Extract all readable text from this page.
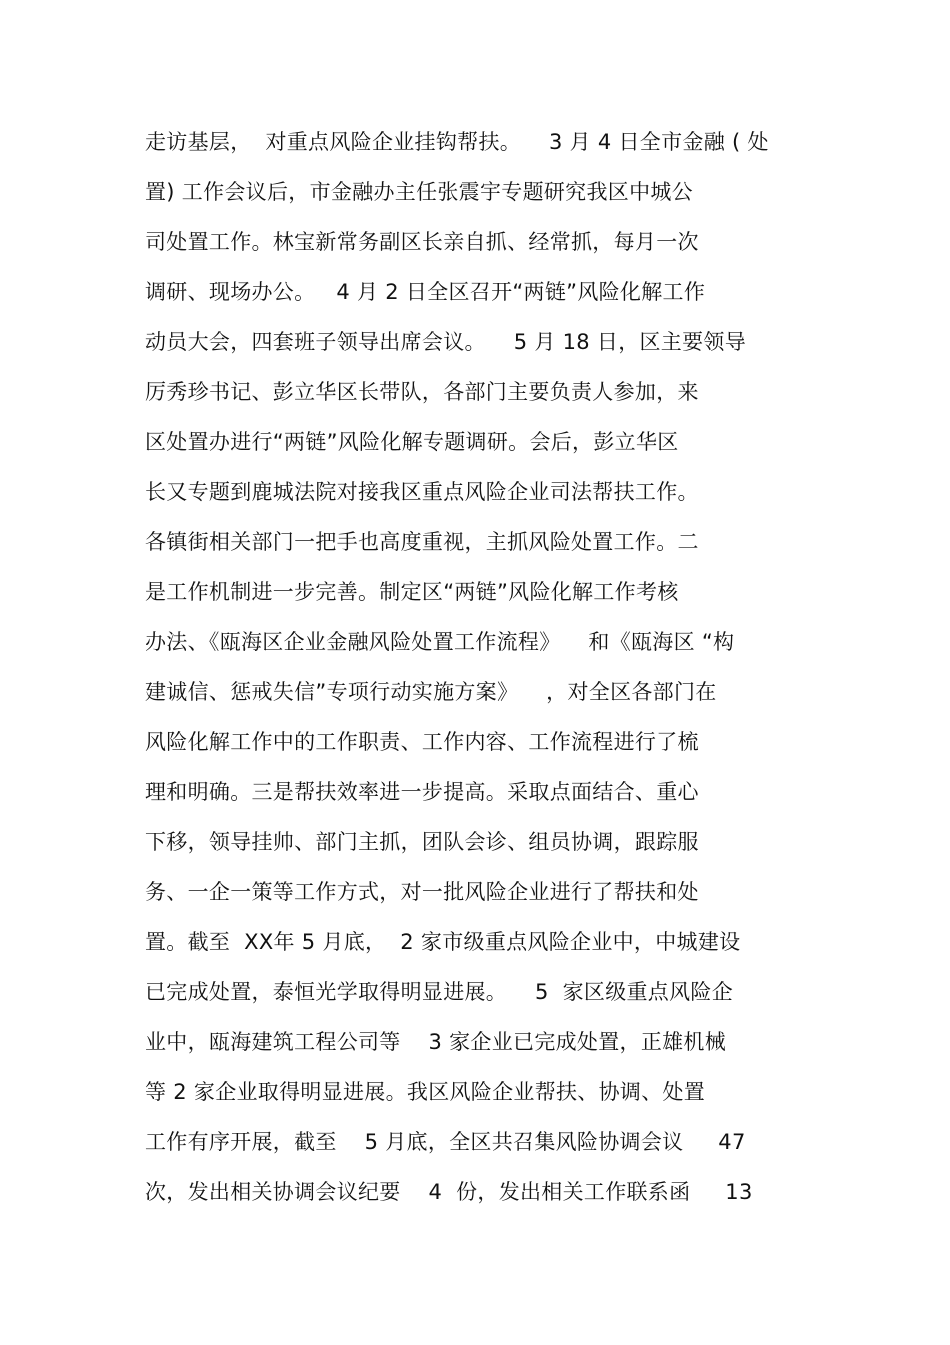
走访基层，  对重点风险企业挂钩帮扶。    3 月 4 日全市金融 ( 处
置) 工作会议后，市金融办主任张震宇专题研究我区中城公
司处置工作。林宝新常务副区长亲自抓、经常抓，每月一次
调研、现场办公。   4 月 2 日全区召开“两链”风险化解工作
动员大会，四套班子领导出席会议。    5 月 18 日，区主要领导
厉秀珍书记、彭立华区长带队，各部门主要负责人参加，来
区处置办进行“两链”风险化解专题调研。会后，彭立华区
长又专题到鹿城法院对接我区重点风险企业司法帮扶工作。
各镇街相关部门一把手也高度重视，主抓风险处置工作。二
是工作机制进一步完善。制定区“两链”风险化解工作考核
办法、《瓯海区企业金融风险处置工作流程》    和《瓯海区 “构
建诚信、惩戒失信”专项行动实施方案》    ，对全区各部门在
风险化解工作中的工作职责、工作内容、工作流程进行了梳
理和明确。三是帮扶效率进一步提高。采取点面结合、重心
下移，领导挂帅、部门主抓，团队会诊、组员协调，跟踪服
务、一企一策等工作方式，对一批风险企业进行了帮扶和处
置。截至  XX年 5 月底，  2 家市级重点风险企业中，中城建设
已完成处置，泰恒光学取得明显进展。    5  家区级重点风险企
业中，瓯海建筑工程公司等    3 家企业已完成处置，正雄机械
等 2 家企业取得明显进展。我区风险企业帮扶、协调、处置
工作有序开展，截至    5 月底，全区共召集风险协调会议     47
次，发出相关协调会议纪要    4  份，发出相关工作联系函     13
